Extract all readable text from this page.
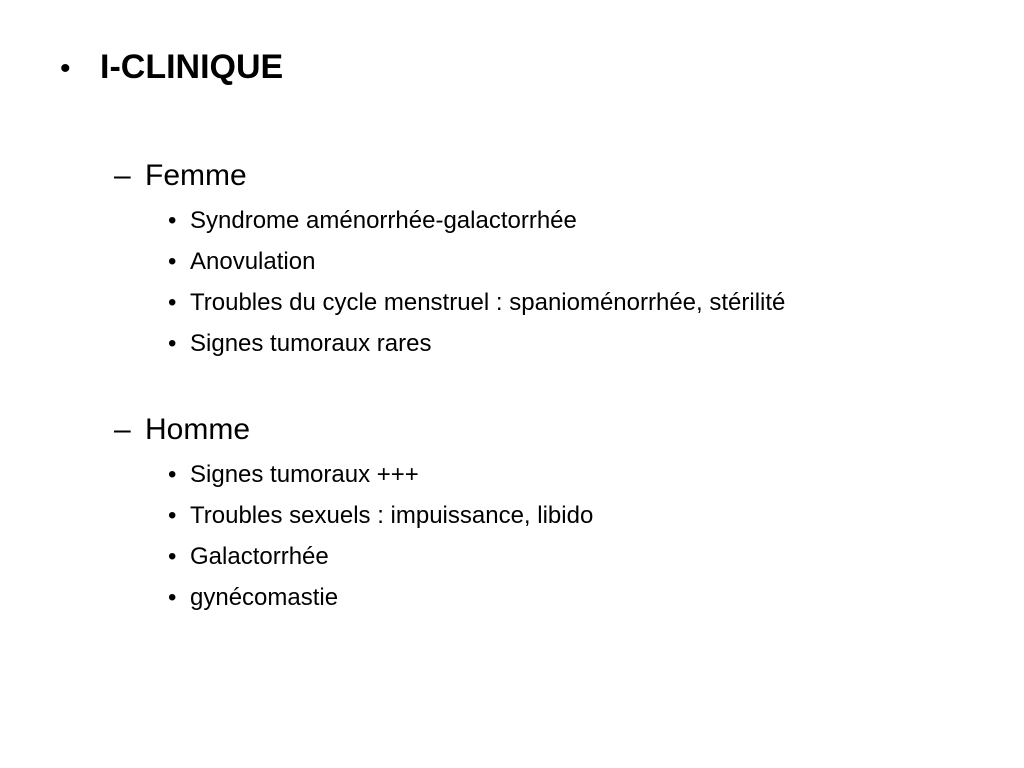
• I-CLINIQUE
– Femme
• Syndrome aménorrhée-galactorrhée
• Anovulation
• Troubles du cycle menstruel : spanioménorrhée, stérilité
• Signes tumoraux rares
– Homme
• Signes tumoraux +++
• Troubles sexuels : impuissance, libido
• Galactorrhée
• gynécomastie
